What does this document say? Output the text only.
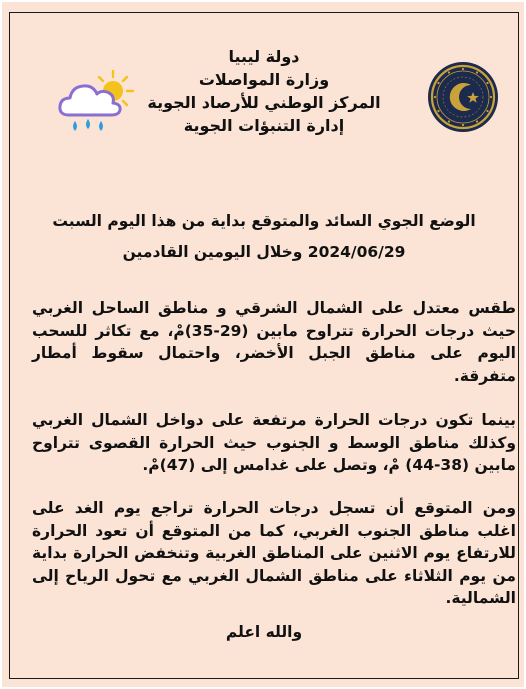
دولة ليبيا
وزارة المواصلات
المركز الوطني للأرصاد الجوية
إدارة التنبؤات الجوية
الوضع الجوي السائد والمتوقع بداية من هذا اليوم السبت
2024/06/29 وخلال اليومين القادمين
طقس معتدل على الشمال الشرقي و مناطق الساحل الغربي حيث درجات الحرارة تتراوح مابين (29-35)مْ، مع تكاثر للسحب اليوم على مناطق الجبل الأخضر، واحتمال سقوط أمطار متفرقة.
بينما تكون درجات الحرارة مرتفعة على دواخل الشمال الغربي وكذلك مناطق الوسط و الجنوب حيث الحرارة القصوى تتراوح مابين (38-44) مْ، وتصل على غدامس إلى (47)مْ.
ومن المتوقع أن تسجل درجات الحرارة تراجع يوم الغد على اغلب مناطق الجنوب الغربي، كما من المتوقع أن تعود الحرارة للارتفاع يوم الاثنين على المناطق الغربية وتنخفض الحرارة بداية من يوم الثلاثاء على مناطق الشمال الغربي مع تحول الرياح إلى الشمالية.
والله اعلم
